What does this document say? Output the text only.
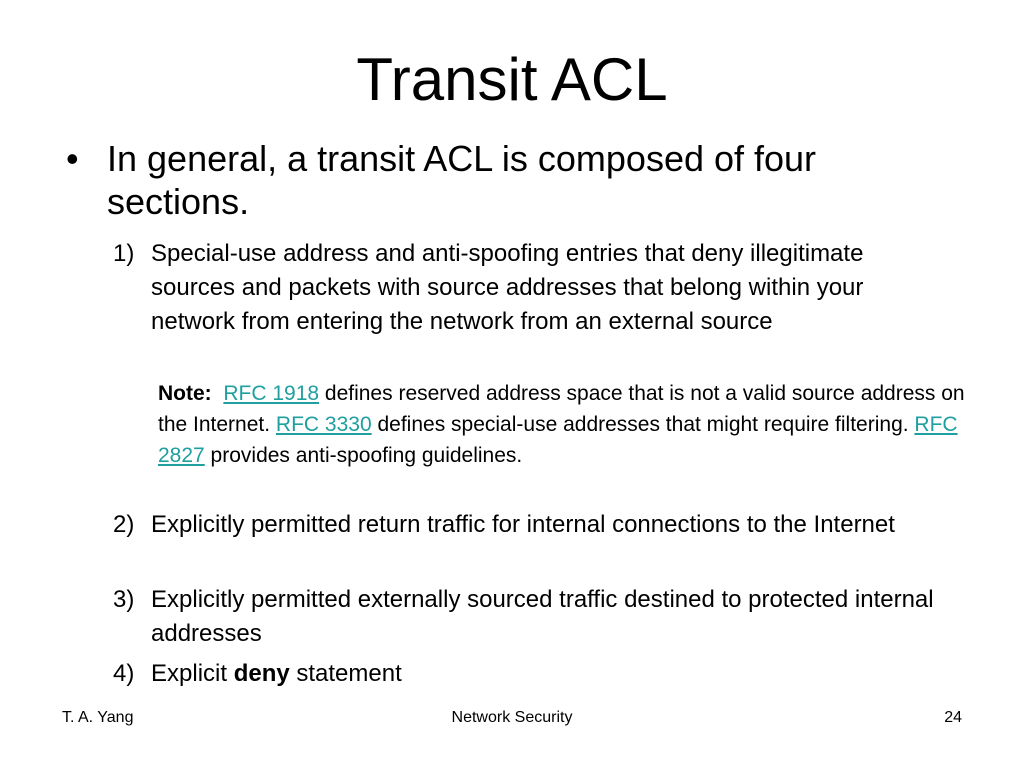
Transit ACL
• In general, a transit ACL is composed of four sections.
1) Special-use address and anti-spoofing entries that deny illegitimate sources and packets with source addresses that belong within your network from entering the network from an external source
Note: RFC 1918 defines reserved address space that is not a valid source address on the Internet. RFC 3330 defines special-use addresses that might require filtering. RFC 2827 provides anti-spoofing guidelines.
2) Explicitly permitted return traffic for internal connections to the Internet
3) Explicitly permitted externally sourced traffic destined to protected internal addresses
4) Explicit deny statement
T. A. Yang	Network Security	24
